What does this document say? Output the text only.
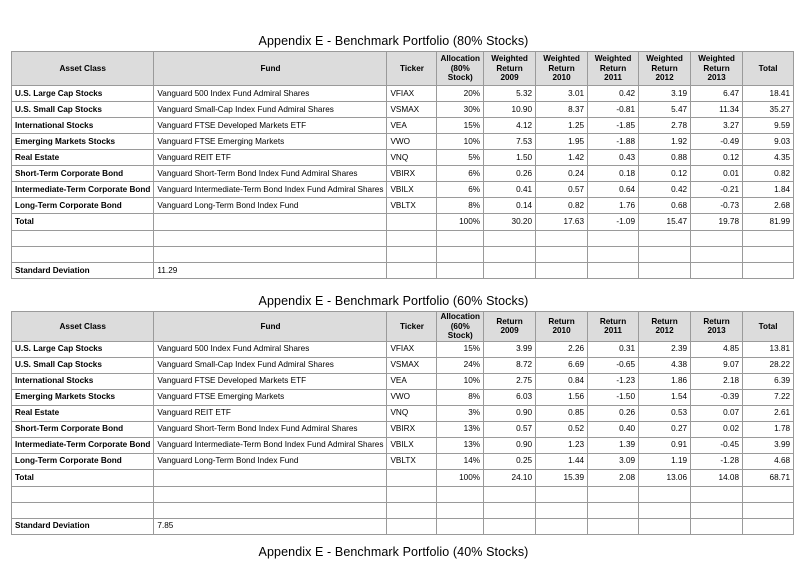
Appendix E - Benchmark Portfolio (80% Stocks)
Asset Class	Fund	Ticker	Allocation (80% Stock)	Weighted Return 2009	Weighted Return 2010	Weighted Return 2011	Weighted Return 2012	Weighted Return 2013	Total
U.S. Large Cap Stocks	Vanguard 500 Index Fund Admiral Shares	VFIAX	20%	5.32	3.01	0.42	3.19	6.47	18.41
U.S. Small Cap Stocks	Vanguard Small-Cap Index Fund Admiral Shares	VSMAX	30%	10.90	8.37	-0.81	5.47	11.34	35.27
International Stocks	Vanguard FTSE Developed Markets ETF	VEA	15%	4.12	1.25	-1.85	2.78	3.27	9.59
Emerging Markets Stocks	Vanguard FTSE Emerging Markets	VWO	10%	7.53	1.95	-1.88	1.92	-0.49	9.03
Real Estate	Vanguard REIT ETF	VNQ	5%	1.50	1.42	0.43	0.88	0.12	4.35
Short-Term Corporate Bond	Vanguard Short-Term Bond Index Fund Admiral Shares	VBIRX	6%	0.26	0.24	0.18	0.12	0.01	0.82
Intermediate-Term Corporate Bond	Vanguard Intermediate-Term Bond Index Fund Admiral Shares	VBILX	6%	0.41	0.57	0.64	0.42	-0.21	1.84
Long-Term Corporate Bond	Vanguard Long-Term Bond Index Fund	VBLTX	8%	0.14	0.82	1.76	0.68	-0.73	2.68
Total			100%	30.20	17.63	-1.09	15.47	19.78	81.99

Standard Deviation	11.29								
Appendix E - Benchmark Portfolio (60% Stocks)
Asset Class	Fund	Ticker	Allocation (60% Stock)	Return 2009	Return 2010	Return 2011	Return 2012	Return 2013	Total
U.S. Large Cap Stocks	Vanguard 500 Index Fund Admiral Shares	VFIAX	15%	3.99	2.26	0.31	2.39	4.85	13.81
U.S. Small Cap Stocks	Vanguard Small-Cap Index Fund Admiral Shares	VSMAX	24%	8.72	6.69	-0.65	4.38	9.07	28.22
International Stocks	Vanguard FTSE Developed Markets ETF	VEA	10%	2.75	0.84	-1.23	1.86	2.18	6.39
Emerging Markets Stocks	Vanguard FTSE Emerging Markets	VWO	8%	6.03	1.56	-1.50	1.54	-0.39	7.22
Real Estate	Vanguard REIT ETF	VNQ	3%	0.90	0.85	0.26	0.53	0.07	2.61
Short-Term Corporate Bond	Vanguard Short-Term Bond Index Fund Admiral Shares	VBIRX	13%	0.57	0.52	0.40	0.27	0.02	1.78
Intermediate-Term Corporate Bond	Vanguard Intermediate-Term Bond Index Fund Admiral Shares	VBILX	13%	0.90	1.23	1.39	0.91	-0.45	3.99
Long-Term Corporate Bond	Vanguard Long-Term Bond Index Fund	VBLTX	14%	0.25	1.44	3.09	1.19	-1.28	4.68
Total			100%	24.10	15.39	2.08	13.06	14.08	68.71

Standard Deviation	7.85								
Appendix E - Benchmark Portfolio (40% Stocks)
